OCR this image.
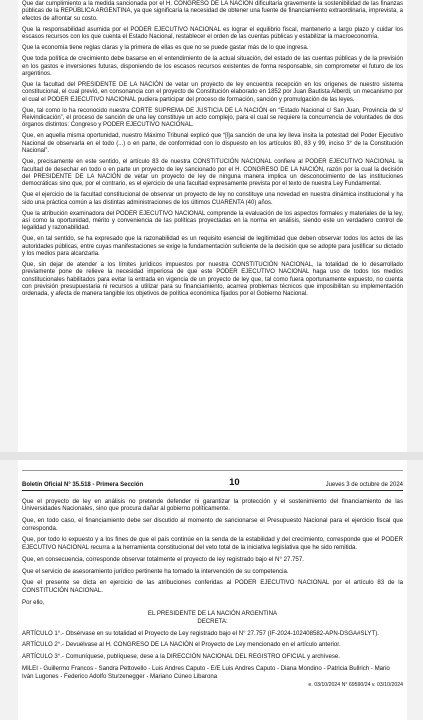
Que dar cumplimiento a la medida sancionada por el H. CONGRESO DE LA NACIÓN dificultaría gravemente la sostenibilidad de las finanzas públicas de la REPÚBLICA ARGENTINA, ya que significaría la necesidad de obtener una fuente de financiamiento extraordinaria, imprevista, a efectos de afrontar su costo.

Que la responsabilidad asumida por el PODER EJECUTIVO NACIONAL es lograr el equilibrio fiscal, mantenerlo a largo plazo y cuidar los escasos recursos con los que cuenta el Estado Nacional, restablecer el orden de las cuentas públicas y estabilizar la macroeconomía.

Que la economía tiene reglas claras y la primera de ellas es que no se puede gastar más de lo que ingresa.

Que toda política de crecimiento debe basarse en el entendimiento de la actual situación, del estado de las cuentas públicas y de la previsión en los gastos e inversiones futuras, disponiendo de los escasos recursos existentes de forma responsable, sin comprometer el futuro de los argentinos.

Que la facultad del PRESIDENTE DE LA NACIÓN de vetar un proyecto de ley encuentra recepción en los orígenes de nuestro sistema constitucional, el cual previó, en consonancia con el proyecto de Constitución elaborado en 1852 por Juan Bautista Alberdi, un mecanismo por el cual el PODER EJECUTIVO NACIONAL pudiera participar del proceso de formación, sanción y promulgación de las leyes.

Que, tal como lo ha reconocido nuestra CORTE SUPREMA DE JUSTICIA DE LA NACIÓN en “Estado Nacional c/ San Juan, Provincia de s/ Reivindicación”, el proceso de sanción de una ley constituye un acto complejo, para el cual se requiere la concurrencia de voluntades de dos órganos distintos: Congreso y PODER EJECUTIVO NACIONAL.

Que, en aquella misma oportunidad, nuestro Máximo Tribunal explicó que “[l]a sanción de una ley lleva ínsita la potestad del Poder Ejecutivo Nacional de observarla en el todo (...) o en parte, de conformidad con lo dispuesto en los artículos 80, 83 y 99, inciso 3° de la Constitución Nacional”.

Que, precisamente en este sentido, el artículo 83 de nuestra CONSTITUCIÓN NACIONAL confiere al PODER EJECUTIVO NACIONAL la facultad de desechar en todo o en parte un proyecto de ley sancionado por el H. CONGRESO DE LA NACIÓN, razón por la cual la decisión del PRESIDENTE DE LA NACIÓN de vetar un proyecto de ley de ninguna manera implica un desconocimiento de las instituciones democráticas sino que, por el contrario, es el ejercicio de una facultad expresamente prevista por el texto de nuestra Ley Fundamental.

Que el ejercicio de la facultad constitucional de observar un proyecto de ley no constituye una novedad en nuestra dinámica institucional y ha sido una práctica común a las distintas administraciones de los últimos CUARENTA (40) años.

Que la atribución examinadora del PODER EJECUTIVO NACIONAL comprende la evaluación de los aspectos formales y materiales de la ley, así como la oportunidad, mérito y conveniencia de las políticas proyectadas en la norma en análisis, siendo este un verdadero control de legalidad y razonabilidad.

Que, en tal sentido, se ha expresado que la razonabilidad es un requisito esencial de legitimidad que deben observar todos los actos de las autoridades públicas, entre cuyas manifestaciones se exige la fundamentación suficiente de la decisión que se adopte para justificar su dictado y los medios para alcanzarla.

Que, sin dejar de atender a los límites jurídicos impuestos por nuestra CONSTITUCIÓN NACIONAL, la totalidad de lo desarrollado previamente pone de relieve la necesidad imperiosa de que este PODER EJECUTIVO NACIONAL haga uso de todos los medios constitucionales habilitados para evitar la entrada en vigencia de un proyecto de ley que, tal como fuera oportunamente expuesto, no cuenta con previsión presupuestaria ni recursos a utilizar para su financiamiento, acarrea problemas técnicos que imposibilitan su implementación ordenada, y afecta de manera tangible los objetivos de política económica fijados por el Gobierno Nacional.

Boletín Oficial N° 35.518 - Primera Sección	10	Jueves 3 de octubre de 2024

Que el proyecto de ley en análisis no pretende defender ni garantizar la protección y el sostenimiento del financiamiento de las Universidades Nacionales, sino que procura dañar al gobierno políticamente.

Que, en todo caso, el financiamiento debe ser discutido al momento de sancionarse el Presupuesto Nacional para el ejercicio fiscal que corresponda.

Que, por todo lo expuesto y a los fines de que el país continúe en la senda de la estabilidad y del crecimiento, corresponde que el PODER EJECUTIVO NACIONAL recurra a la herramienta constitucional del veto total de la iniciativa legislativa que he sido remitida.

Que, en consecuencia, corresponde observar totalmente el proyecto de ley registrado bajo el N° 27.757.

Que el servicio de asesoramiento jurídico pertinente ha tomado la intervención de su competencia.

Que el presente se dicta en ejercicio de las atribuciones conferidas al PODER EJECUTIVO NACIONAL por el artículo 83 de la CONSTITUCIÓN NACIONAL.

Por ello,

EL PRESIDENTE DE LA NACIÓN ARGENTINA

DECRETA:

ARTÍCULO 1°.- Obsérvase en su totalidad el Proyecto de Ley registrado bajo el N° 27.757 (IF-2024-102408582-APN-DSGA#SLYT).

ARTÍCULO 2°.- Devuélvase al H. CONGRESO DE LA NACIÓN el Proyecto de Ley mencionado en el artículo anterior.

ARTÍCULO 3°.- Comuníquese, publíquese, dese a la DIRECCIÓN NACIONAL DEL REGISTRO OFICIAL y archívese.

MILEI - Guillermo Francos - Sandra Pettovello - Luis Andres Caputo - E/E Luis Andres Caputo - Diana Mondino - Patricia Bullrich - Mario Iván Lugones - Federico Adolfo Sturzenegger - Mariano Cúneo Libarona

e. 03/10/2024 N° 69590/24 v. 03/10/2024
